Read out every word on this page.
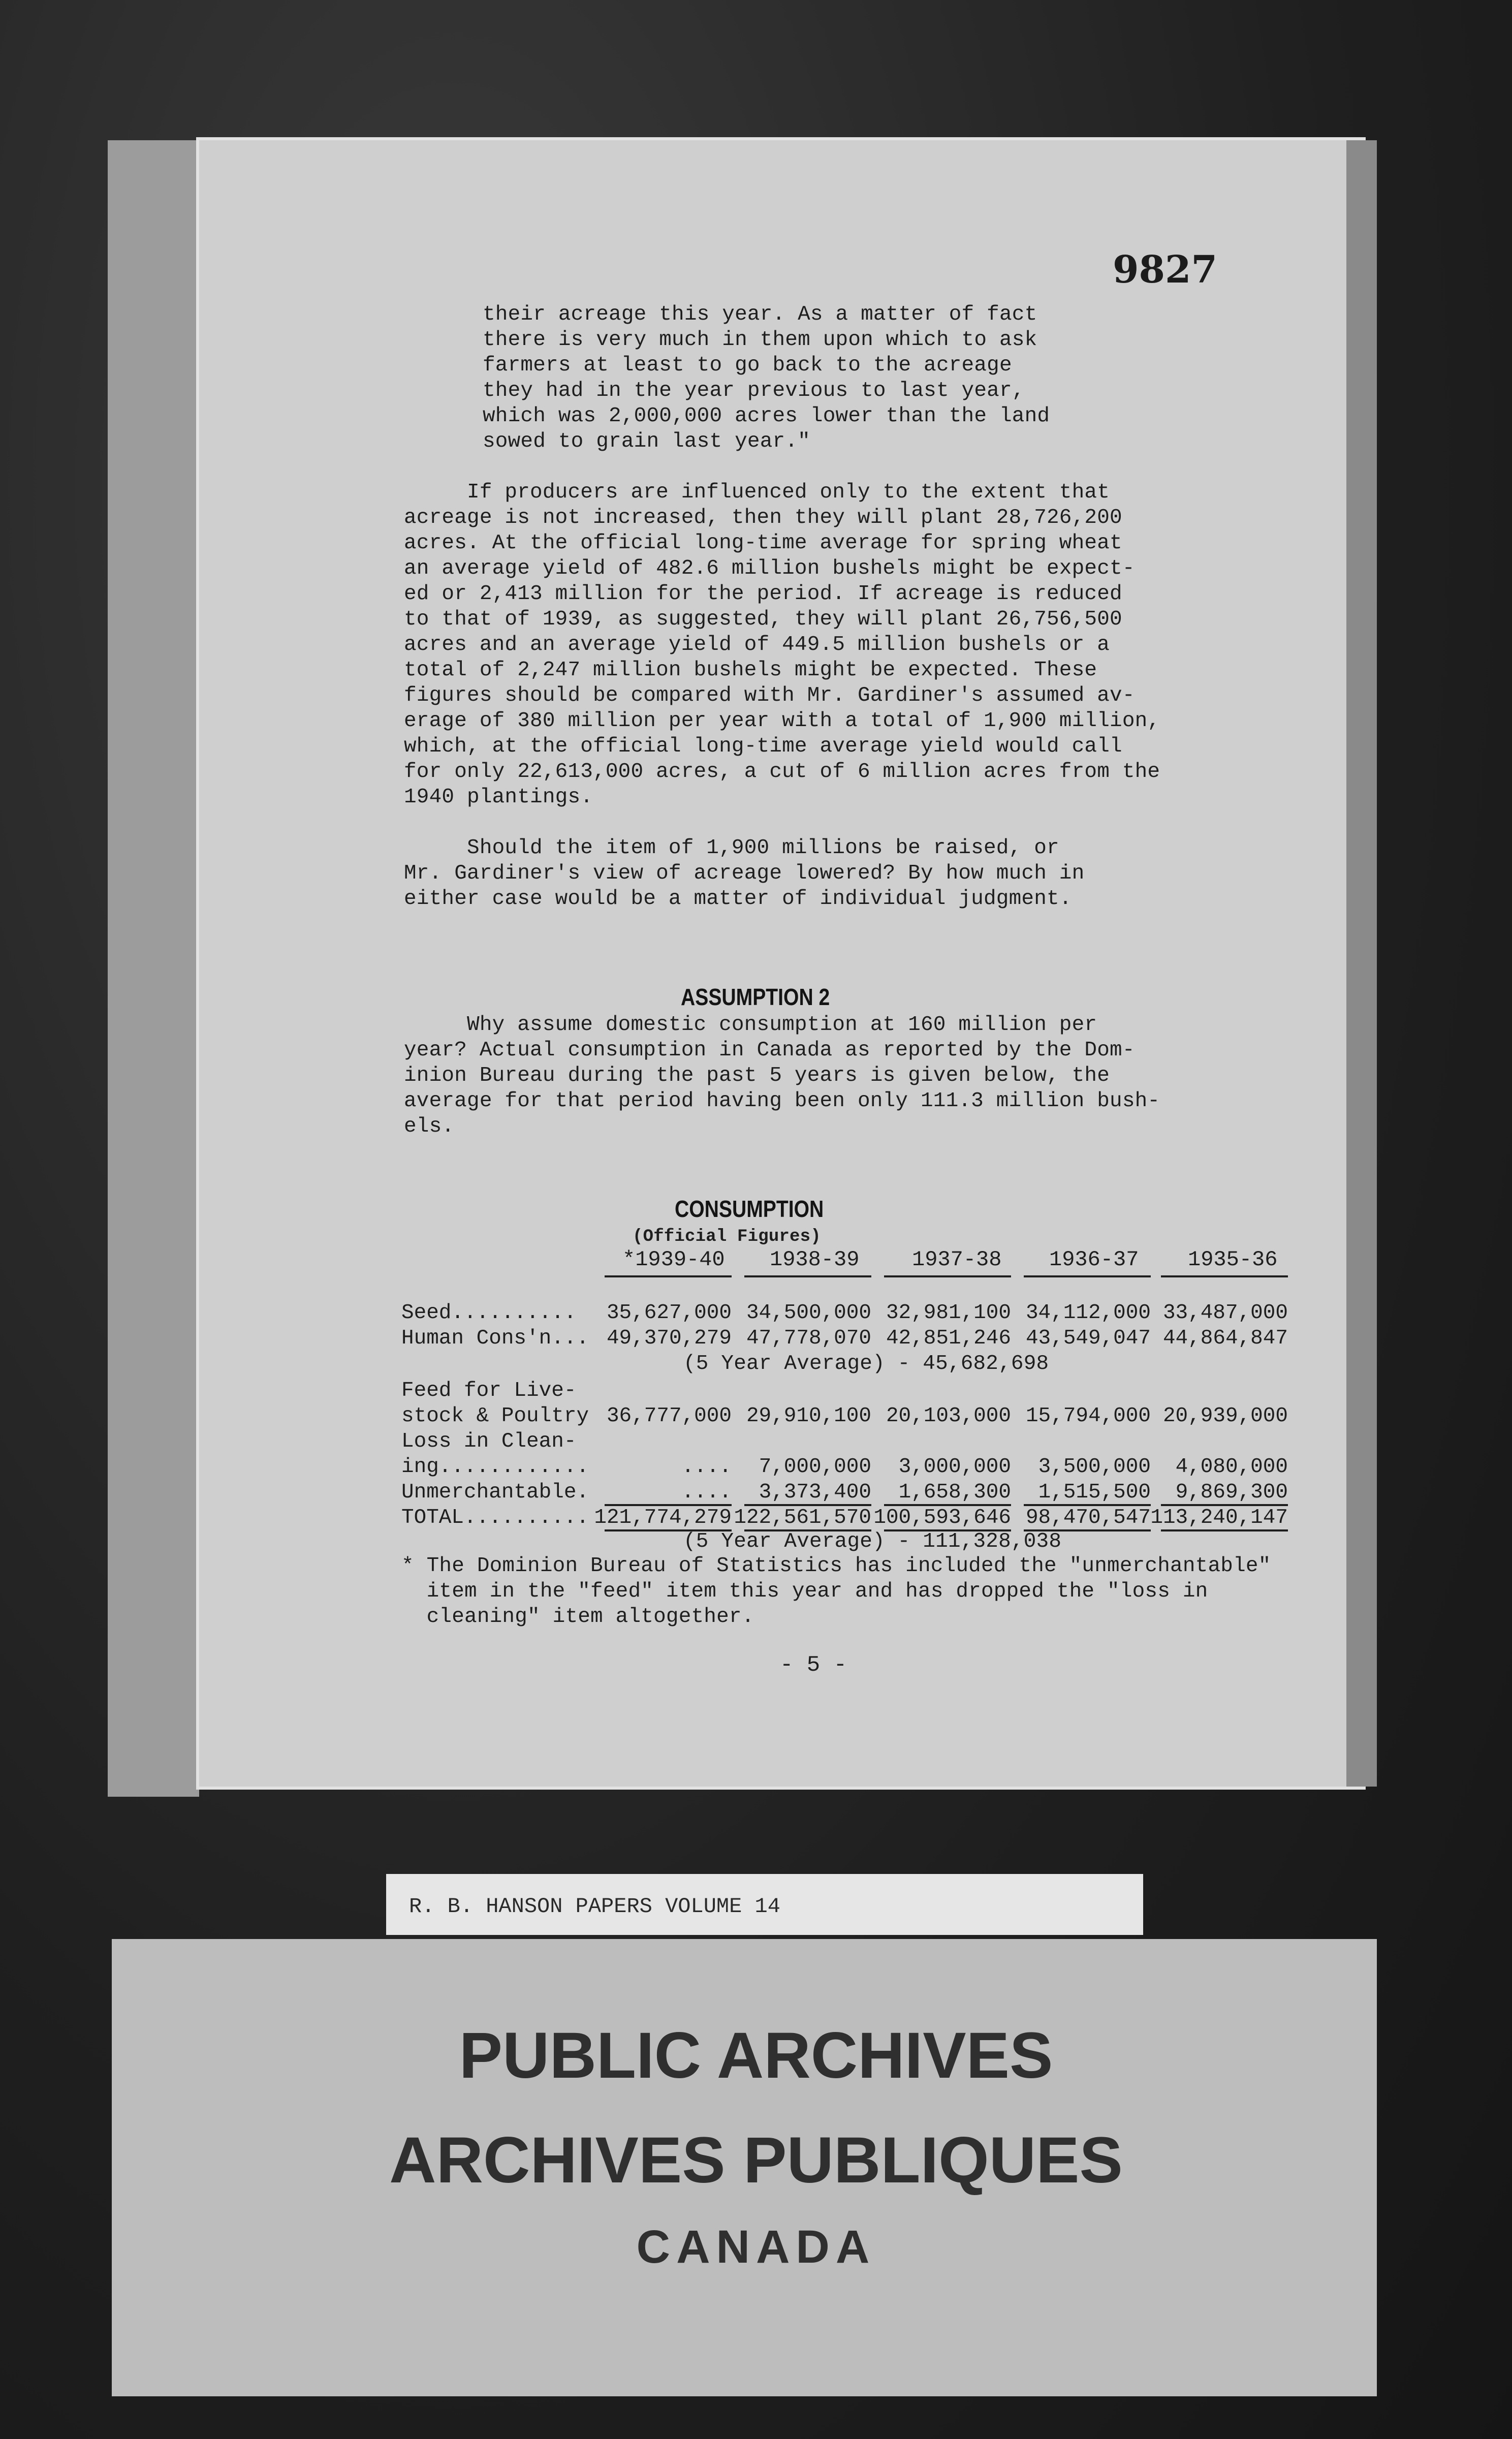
9827
their acreage this year. As a matter of fact
there is very much in them upon which to ask
farmers at least to go back to the acreage
they had in the year previous to last year,
which was 2,000,000 acres lower than the land
sowed to grain last year."
If producers are influenced only to the extent that
acreage is not increased, then they will plant 28,726,200
acres. At the official long-time average for spring wheat
an average yield of 482.6 million bushels might be expect-
ed or 2,413 million for the period. If acreage is reduced
to that of 1939, as suggested, they will plant 26,756,500
acres and an average yield of 449.5 million bushels or a
total of 2,247 million bushels might be expected. These
figures should be compared with Mr. Gardiner's assumed av-
erage of 380 million per year with a total of 1,900 million,
which, at the official long-time average yield would call
for only 22,613,000 acres, a cut of 6 million acres from the
1940 plantings.
Should the item of 1,900 millions be raised, or
Mr. Gardiner's view of acreage lowered? By how much in
either case would be a matter of individual judgment.
ASSUMPTION 2
Why assume domestic consumption at 160 million per
year? Actual consumption in Canada as reported by the Dom-
inion Bureau during the past 5 years is given below, the
average for that period having been only 111.3 million bush-
els.
CONSUMPTION
(Official Figures)
*1939-40 1938-39 1937-38 1936-37 1935-36
Seed..........	35,627,000 34,500,000 32,981,100 34,112,000 33,487,000
Human Cons'n... 49,370,279 47,778,070 42,851,246 43,549,047 44,864,847
(5 Year Average) - 45,682,698
Feed for Live-
stock & Poultry 36,777,000 29,910,100 20,103,000 15,794,000 20,939,000
Loss in Clean-
ing............	....	7,000,000	3,000,000	3,500,000	4,080,000
Unmerchantable.	....	3,373,400	1,658,300	1,515,500	9,869,300
TOTAL.......... 121,774,279 122,561,570 100,593,646 98,470,547 113,240,147
(5 Year Average) - 111,328,038
* The Dominion Bureau of Statistics has included the "unmerchantable"
item in the "feed" item this year and has dropped the "loss in
cleaning" item altogether.
- 5 -
R. B. HANSON PAPERS VOLUME 14
PUBLIC ARCHIVES
ARCHIVES PUBLIQUES
CANADA
